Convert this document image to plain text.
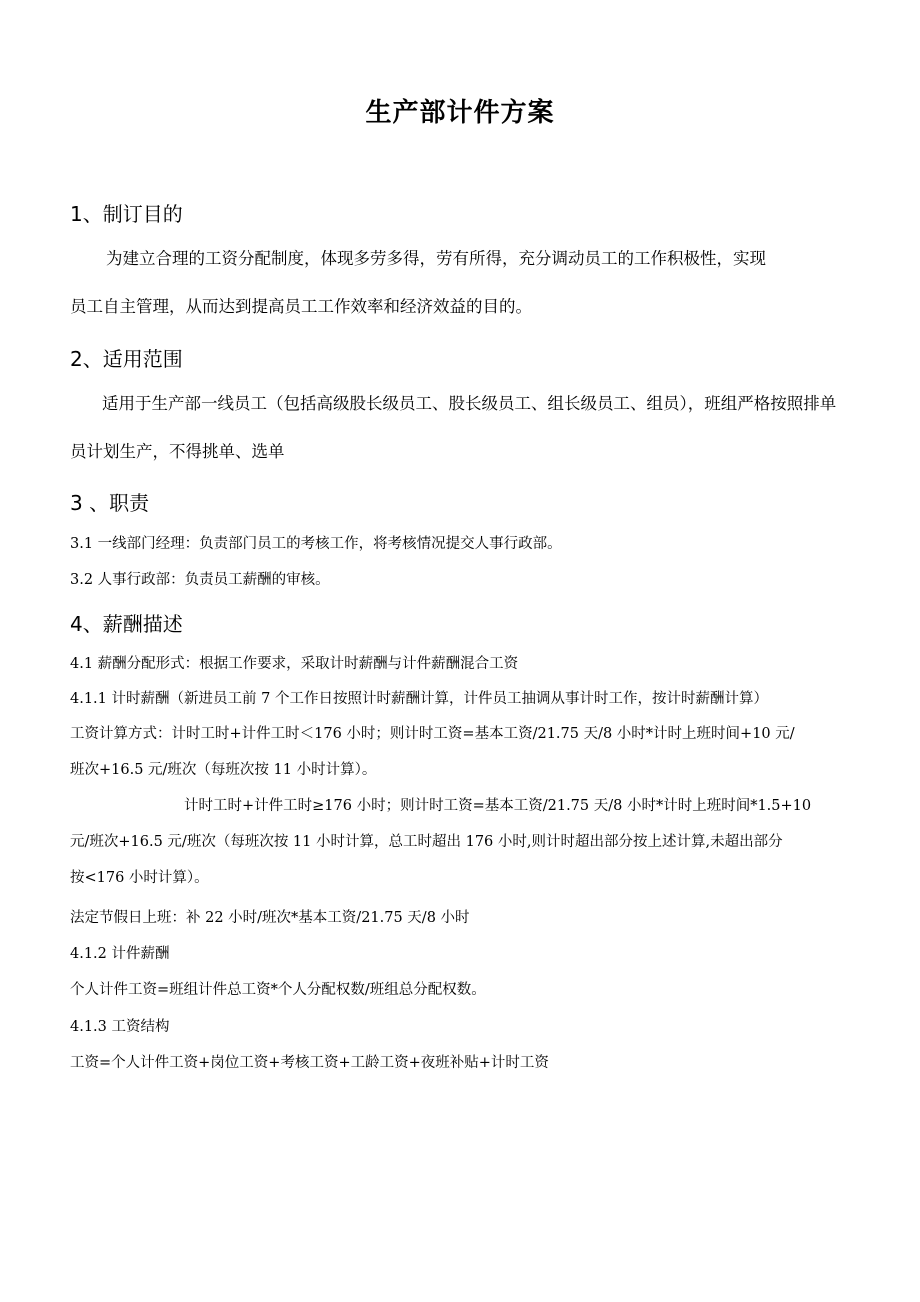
生产部计件方案
1、制订目的
为建立合理的工资分配制度，体现多劳多得，劳有所得，充分调动员工的工作积极性，实现
员工自主管理，从而达到提高员工工作效率和经济效益的目的。
2、适用范围
适用于生产部一线员工（包括高级股长级员工、股长级员工、组长级员工、组员），班组严格按照排单
员计划生产，不得挑单、选单
3 、职责
3.1 一线部门经理：负责部门员工的考核工作，将考核情况提交人事行政部。
3.2 人事行政部：负责员工薪酬的审核。
4、薪酬描述
4.1 薪酬分配形式：根据工作要求，采取计时薪酬与计件薪酬混合工资
4.1.1 计时薪酬（新进员工前 7 个工作日按照计时薪酬计算，计件员工抽调从事计时工作，按计时薪酬计算）
工资计算方式：计时工时+计件工时＜176 小时；则计时工资=基本工资/21.75 天/8 小时*计时上班时间+10 元/
班次+16.5 元/班次（每班次按 11 小时计算）。
计时工时+计件工时≥176 小时；则计时工资=基本工资/21.75 天/8 小时*计时上班时间*1.5+10
元/班次+16.5 元/班次（每班次按 11 小时计算，总工时超出 176 小时,则计时超出部分按上述计算,未超出部分
按<176 小时计算）。
法定节假日上班：补 22 小时/班次*基本工资/21.75 天/8 小时
4.1.2 计件薪酬
个人计件工资=班组计件总工资*个人分配权数/班组总分配权数。
4.1.3 工资结构
工资=个人计件工资+岗位工资+考核工资+工龄工资+夜班补贴+计时工资
